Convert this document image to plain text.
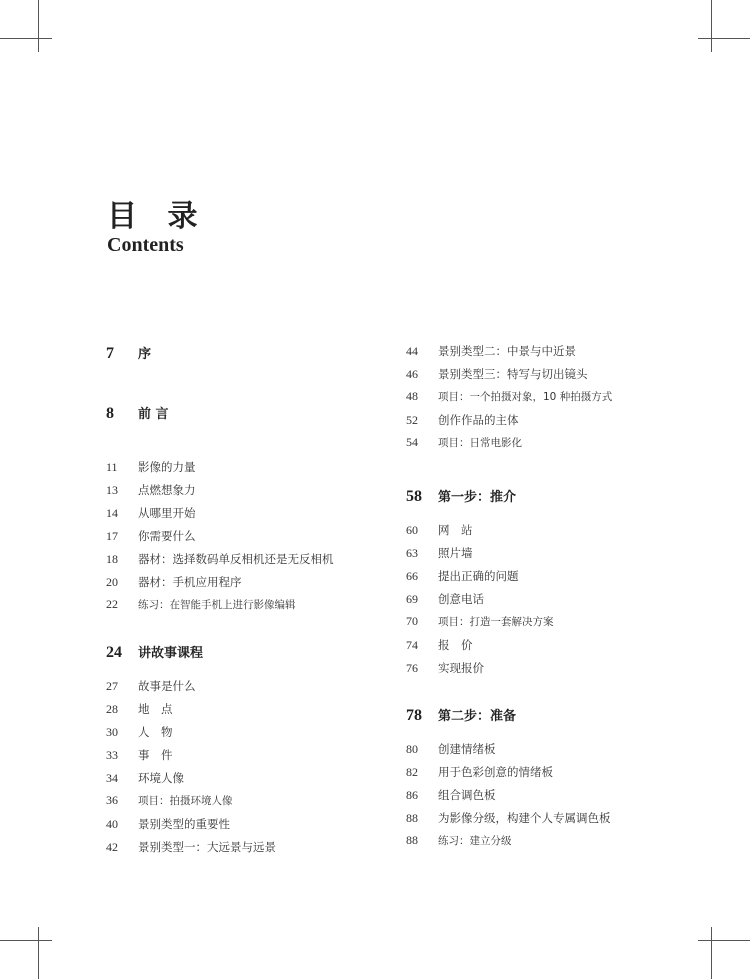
目 录
Contents
7	序
8	前 言
11	影像的力量
13	点燃想象力
14	从哪里开始
17	你需要什么
18	器材：选择数码单反相机还是无反相机
20	器材：手机应用程序
22	练习：在智能手机上进行影像编辑
24	讲故事课程
27	故事是什么
28	地　点
30	人　物
33	事　件
34	环境人像
36	项目：拍摄环境人像
40	景别类型的重要性
42	景别类型一：大远景与远景
44	景别类型二：中景与中近景
46	景别类型三：特写与切出镜头
48	项目：一个拍摄对象，10 种拍摄方式
52	创作作品的主体
54	项目：日常电影化
58	第一步：推介
60	网　站
63	照片墙
66	提出正确的问题
69	创意电话
70	项目：打造一套解决方案
74	报　价
76	实现报价
78	第二步：准备
80	创建情绪板
82	用于色彩创意的情绪板
86	组合调色板
88	为影像分级，构建个人专属调色板
88	练习：建立分级
